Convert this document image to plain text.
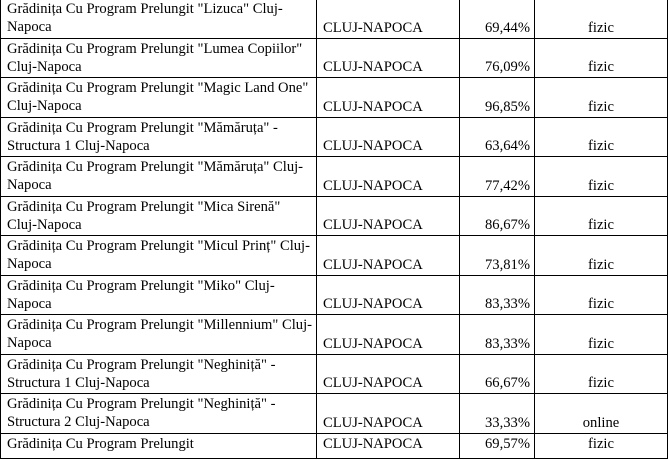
Grădinița Cu Program Prelungit "Lizuca" Cluj-Napoca	CLUJ-NAPOCA	69,44%	fizic
Grădinița Cu Program Prelungit "Lumea Copiilor" Cluj-Napoca	CLUJ-NAPOCA	76,09%	fizic
Grădinița Cu Program Prelungit "Magic Land One" Cluj-Napoca	CLUJ-NAPOCA	96,85%	fizic
Grădinița Cu Program Prelungit "Mămăruța" - Structura 1 Cluj-Napoca	CLUJ-NAPOCA	63,64%	fizic
Grădinița Cu Program Prelungit "Mămăruța" Cluj-Napoca	CLUJ-NAPOCA	77,42%	fizic
Grădinița Cu Program Prelungit "Mica Sirenă" Cluj-Napoca	CLUJ-NAPOCA	86,67%	fizic
Grădinița Cu Program Prelungit "Micul Prinț" Cluj-Napoca	CLUJ-NAPOCA	73,81%	fizic
Grădinița Cu Program Prelungit "Miko" Cluj-Napoca	CLUJ-NAPOCA	83,33%	fizic
Grădinița Cu Program Prelungit "Millennium" Cluj-Napoca	CLUJ-NAPOCA	83,33%	fizic
Grădinița Cu Program Prelungit "Neghiniță" - Structura 1 Cluj-Napoca	CLUJ-NAPOCA	66,67%	fizic
Grădinița Cu Program Prelungit "Neghiniță" - Structura 2 Cluj-Napoca	CLUJ-NAPOCA	33,33%	online
Grădinița Cu Program Prelungit	CLUJ-NAPOCA	69,57%	fizic
